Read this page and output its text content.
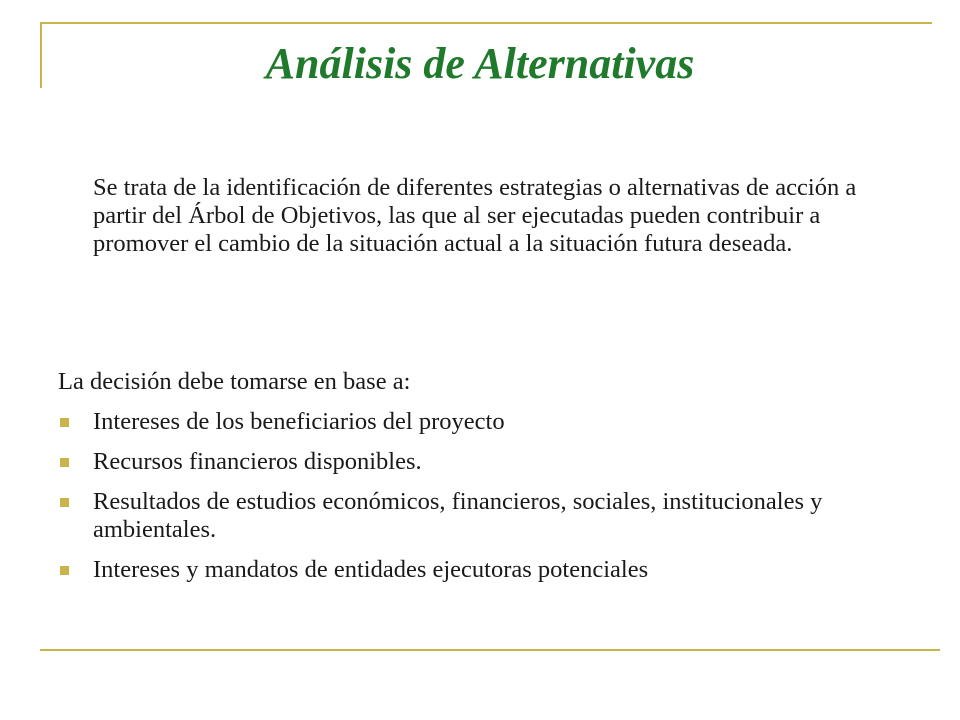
Análisis de Alternativas

Se trata de la identificación de diferentes estrategias o alternativas de acción a partir del Árbol de Objetivos, las que al ser ejecutadas pueden contribuir a promover el cambio de la situación actual a la situación futura deseada.

La decisión debe tomarse en base a:

Intereses de los beneficiarios del proyecto
Recursos financieros disponibles.
Resultados de estudios económicos, financieros, sociales, institucionales y ambientales.
Intereses y mandatos de entidades ejecutoras potenciales
